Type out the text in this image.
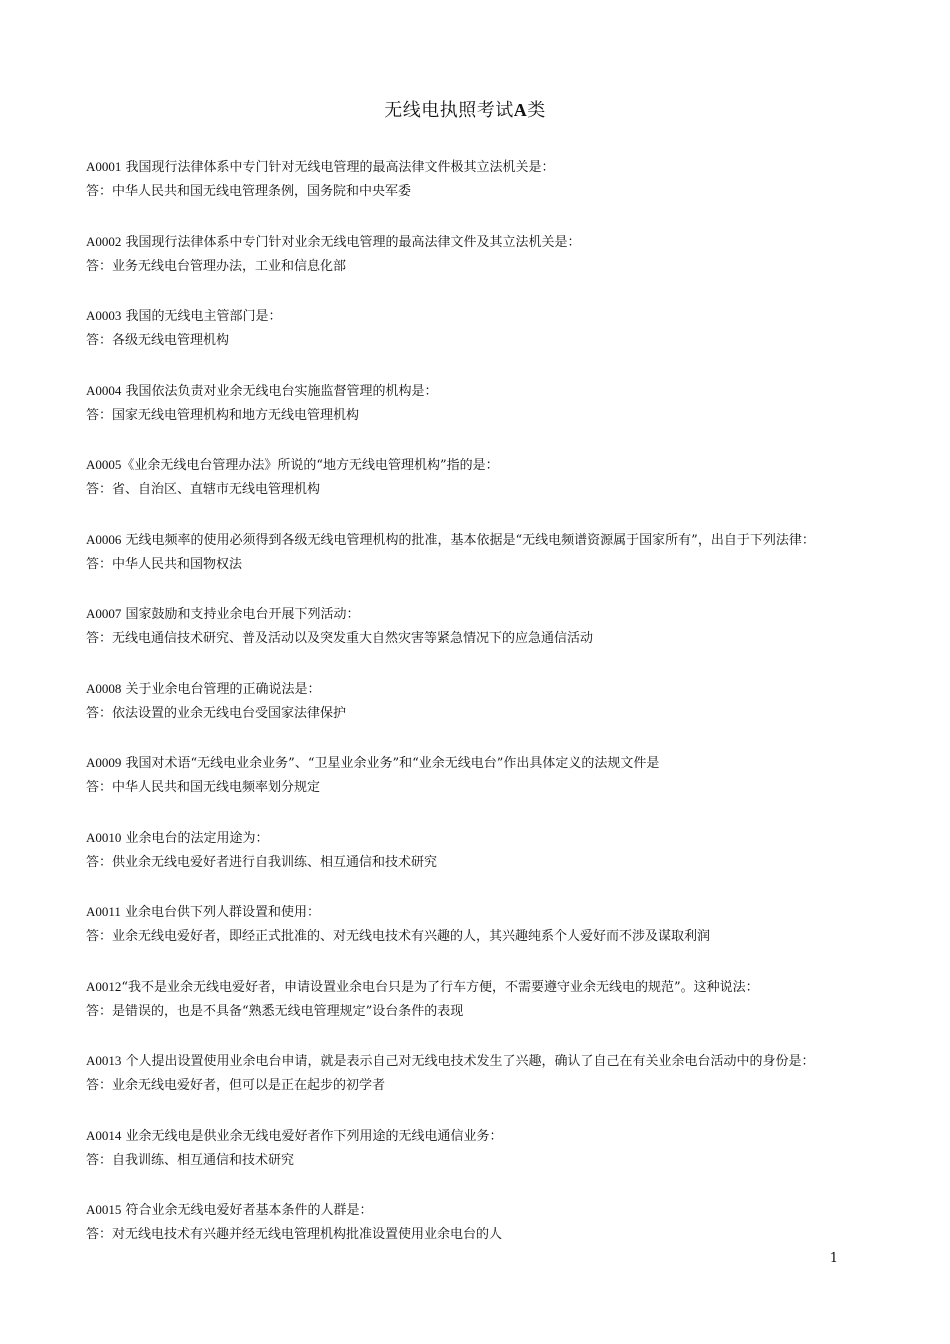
无线电执照考试A类
A0001 我国现行法律体系中专门针对无线电管理的最高法律文件极其立法机关是：
答：中华人民共和国无线电管理条例，国务院和中央军委
A0002 我国现行法律体系中专门针对业余无线电管理的最高法律文件及其立法机关是：
答：业务无线电台管理办法，工业和信息化部
A0003 我国的无线电主管部门是：
答：各级无线电管理机构
A0004 我国依法负责对业余无线电台实施监督管理的机构是：
答：国家无线电管理机构和地方无线电管理机构
A0005《业余无线电台管理办法》所说的“地方无线电管理机构”指的是：
答：省、自治区、直辖市无线电管理机构
A0006 无线电频率的使用必须得到各级无线电管理机构的批准，基本依据是“无线电频谱资源属于国家所有”，出自于下列法律：
答：中华人民共和国物权法
A0007 国家鼓励和支持业余电台开展下列活动：
答：无线电通信技术研究、普及活动以及突发重大自然灾害等紧急情况下的应急通信活动
A0008 关于业余电台管理的正确说法是：
答：依法设置的业余无线电台受国家法律保护
A0009 我国对术语“无线电业余业务”、“卫星业余业务”和“业余无线电台”作出具体定义的法规文件是
答：中华人民共和国无线电频率划分规定
A0010 业余电台的法定用途为：
答：供业余无线电爱好者进行自我训练、相互通信和技术研究
A0011 业余电台供下列人群设置和使用：
答：业余无线电爱好者，即经正式批准的、对无线电技术有兴趣的人，其兴趣纯系个人爱好而不涉及谋取利润
A0012“我不是业余无线电爱好者，申请设置业余电台只是为了行车方便，不需要遵守业余无线电的规范”。这种说法：
答：是错误的，也是不具备“熟悉无线电管理规定”设台条件的表现
A0013 个人提出设置使用业余电台申请，就是表示自己对无线电技术发生了兴趣，确认了自己在有关业余电台活动中的身份是：
答：业余无线电爱好者，但可以是正在起步的初学者
A0014 业余无线电是供业余无线电爱好者作下列用途的无线电通信业务：
答：自我训练、相互通信和技术研究
A0015 符合业余无线电爱好者基本条件的人群是：
答：对无线电技术有兴趣并经无线电管理机构批准设置使用业余电台的人
1
